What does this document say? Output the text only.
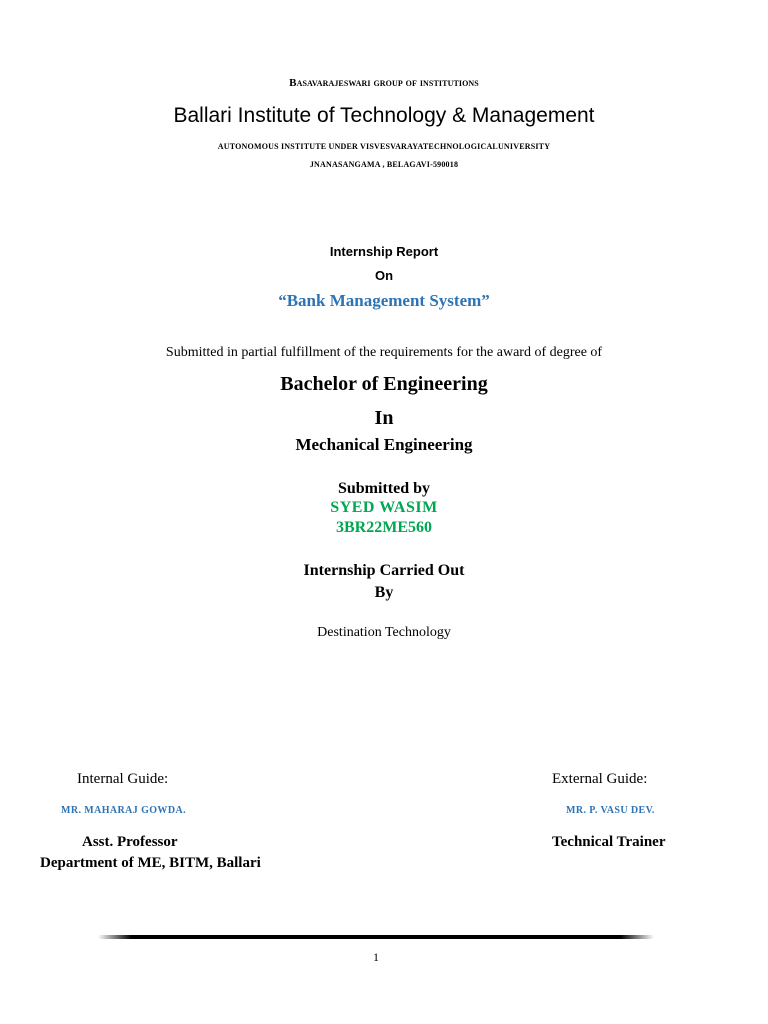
Basavarajeswari group of institutions
Ballari Institute of Technology & Management
AUTONOMOUS INSTITUTE UNDER VISVESVARAYATECHNOLOGICALUNIVERSITY
JNANASANGAMA , BELAGAVI-590018
Internship Report
On
“Bank Management System”
Submitted in partial fulfillment of the requirements for the award of degree of
Bachelor of Engineering
In
Mechanical Engineering
Submitted by
SYED WASIM
3BR22ME560
Internship Carried Out
By
Destination Technology
Internal Guide:	External Guide:
MR. MAHARAJ GOWDA.	MR. P. VASU DEV.
Asst. Professor	Technical Trainer
Department of ME, BITM, Ballari
1
